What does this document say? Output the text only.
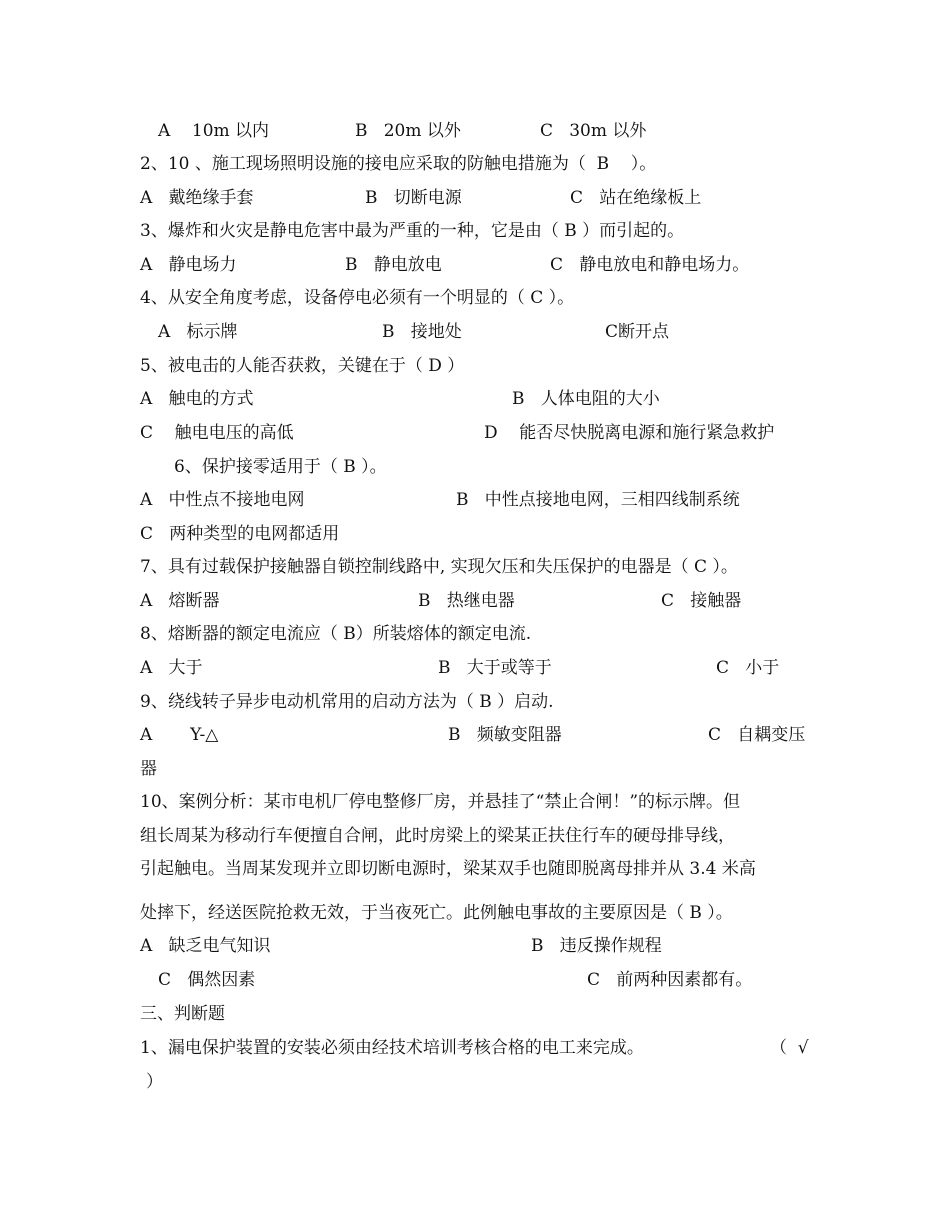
A    10m 以内	B   20m 以外	C   30m 以外
2、10 、施工现场照明设施的接电应采取的防触电措施为（  B    ）。
A   戴绝缘手套	B   切断电源	C   站在绝缘板上
3、爆炸和火灾是静电危害中最为严重的一种，它是由（ B ）而引起的。
A   静电场力	B   静电放电	C   静电放电和静电场力。
4、从安全角度考虑，设备停电必须有一个明显的（ C ）。
A   标示牌	B   接地处	C断开点
5、被电击的人能否获救，关键在于（ D ）
A   触电的方式	B   人体电阻的大小
C    触电电压的高低	D    能否尽快脱离电源和施行紧急救护
6、保护接零适用于（ B ）。
A   中性点不接地电网	B   中性点接地电网，三相四线制系统
C   两种类型的电网都适用
7、具有过载保护接触器自锁控制线路中, 实现欠压和失压保护的电器是（ C ）。
A   熔断器	B   热继电器	C   接触器
8、熔断器的额定电流应（ B）所装熔体的额定电流.
A   大于	B   大于或等于	C   小于
9、绕线转子异步电动机常用的启动方法为（ B ）启动.
A       Y-△	B   频敏变阻器	C   自耦变压
器
10、案例分析：某市电机厂停电整修厂房，并悬挂了“禁止合闸！”的标示牌。但
组长周某为移动行车便擅自合闸，此时房梁上的梁某正扶住行车的硬母排导线，
引起触电。当周某发现并立即切断电源时，梁某双手也随即脱离母排并从 3.4 米高
处摔下，经送医院抢救无效，于当夜死亡。此例触电事故的主要原因是（ B ）。
A   缺乏电气知识	B   违反操作规程
C   偶然因素	C   前两种因素都有。
三、判断题
1、漏电保护装置的安装必须由经技术培训考核合格的电工来完成。	（  √
）
